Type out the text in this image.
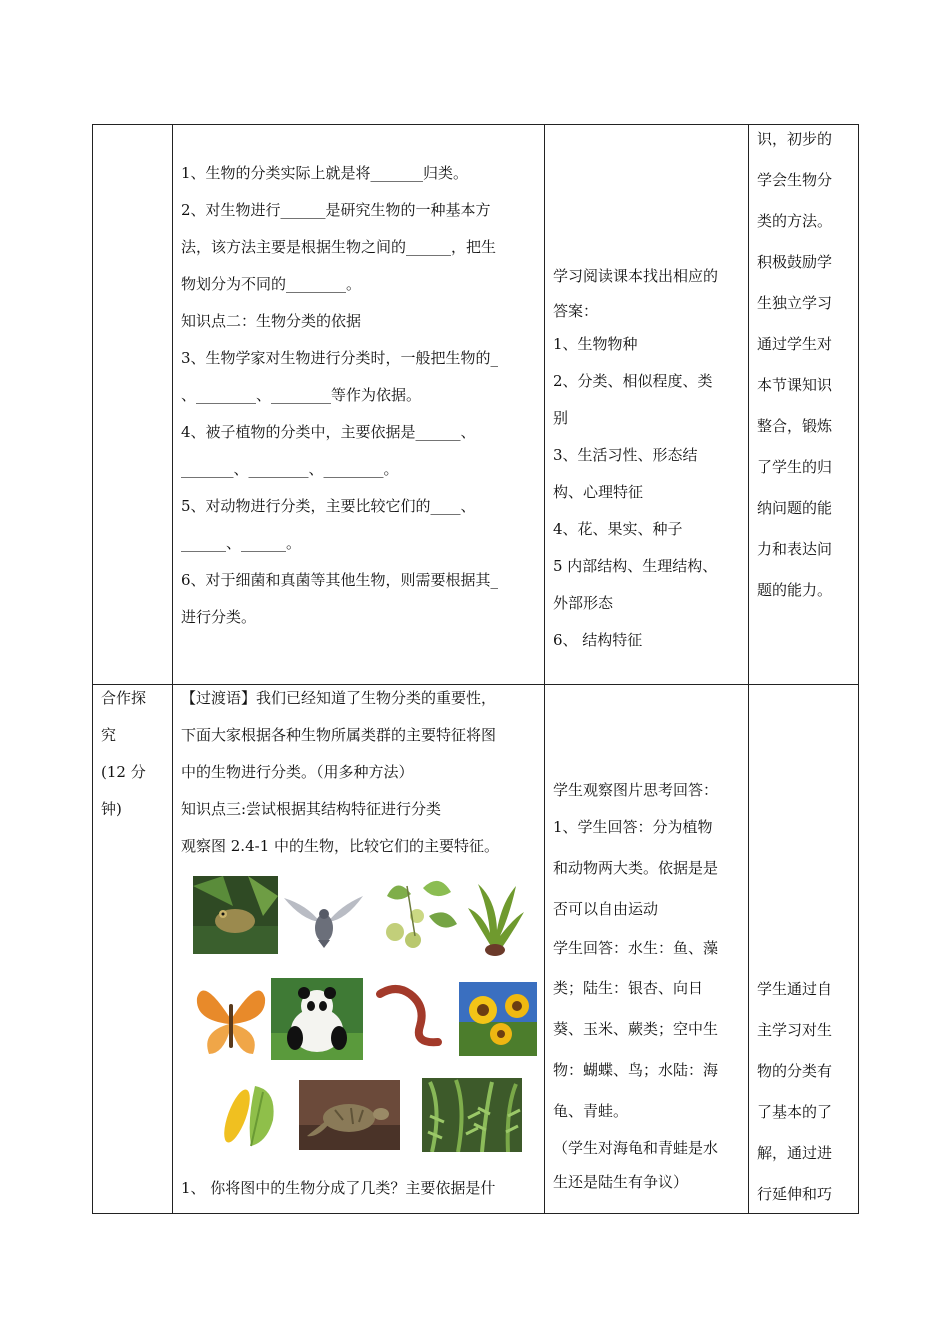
1、生物的分类实际上就是将_______归类。

2、对生物进行______是研究生物的一种基本方

法，该方法主要是根据生物之间的______，把生

物划分为不同的________。

知识点二：生物分类的依据

3、生物学家对生物进行分类时，一般把生物的_

、________、________等作为依据。

4、被子植物的分类中，主要依据是______、

_______、________、________。

5、对动物进行分类，主要比较它们的____、

______、______。

6、对于细菌和真菌等其他生物，则需要根据其_

进行分类。

学习阅读课本找出相应的

答案：

1、生物物种

2、分类、相似程度、类

别

3、生活习性、形态结

构、心理特征

4、花、果实、种子

5 内部结构、生理结构、

外部形态

6、 结构特征

识，初步的

学会生物分

类的方法。

积极鼓励学

生独立学习

通过学生对

本节课知识

整合，锻炼

了学生的归

纳问题的能

力和表达问

题的能力。

合作探

究

(12 分

钟)

【过渡语】我们已经知道了生物分类的重要性，

下面大家根据各种生物所属类群的主要特征将图

中的生物进行分类。（用多种方法）

知识点三:尝试根据其结构特征进行分类

观察图 2.4-1 中的生物，比较它们的主要特征。

1、 你将图中的生物分成了几类？主要依据是什

学生观察图片思考回答：

1、学生回答：分为植物

和动物两大类。依据是是

否可以自由运动

学生回答：水生：鱼、藻

类；陆生：银杏、向日

葵、玉米、蕨类；空中生

物：蝴蝶、鸟；水陆：海

龟、青蛙。

（学生对海龟和青蛙是水

生还是陆生有争议）

学生通过自

主学习对生

物的分类有

了基本的了

解，通过进

行延伸和巧
